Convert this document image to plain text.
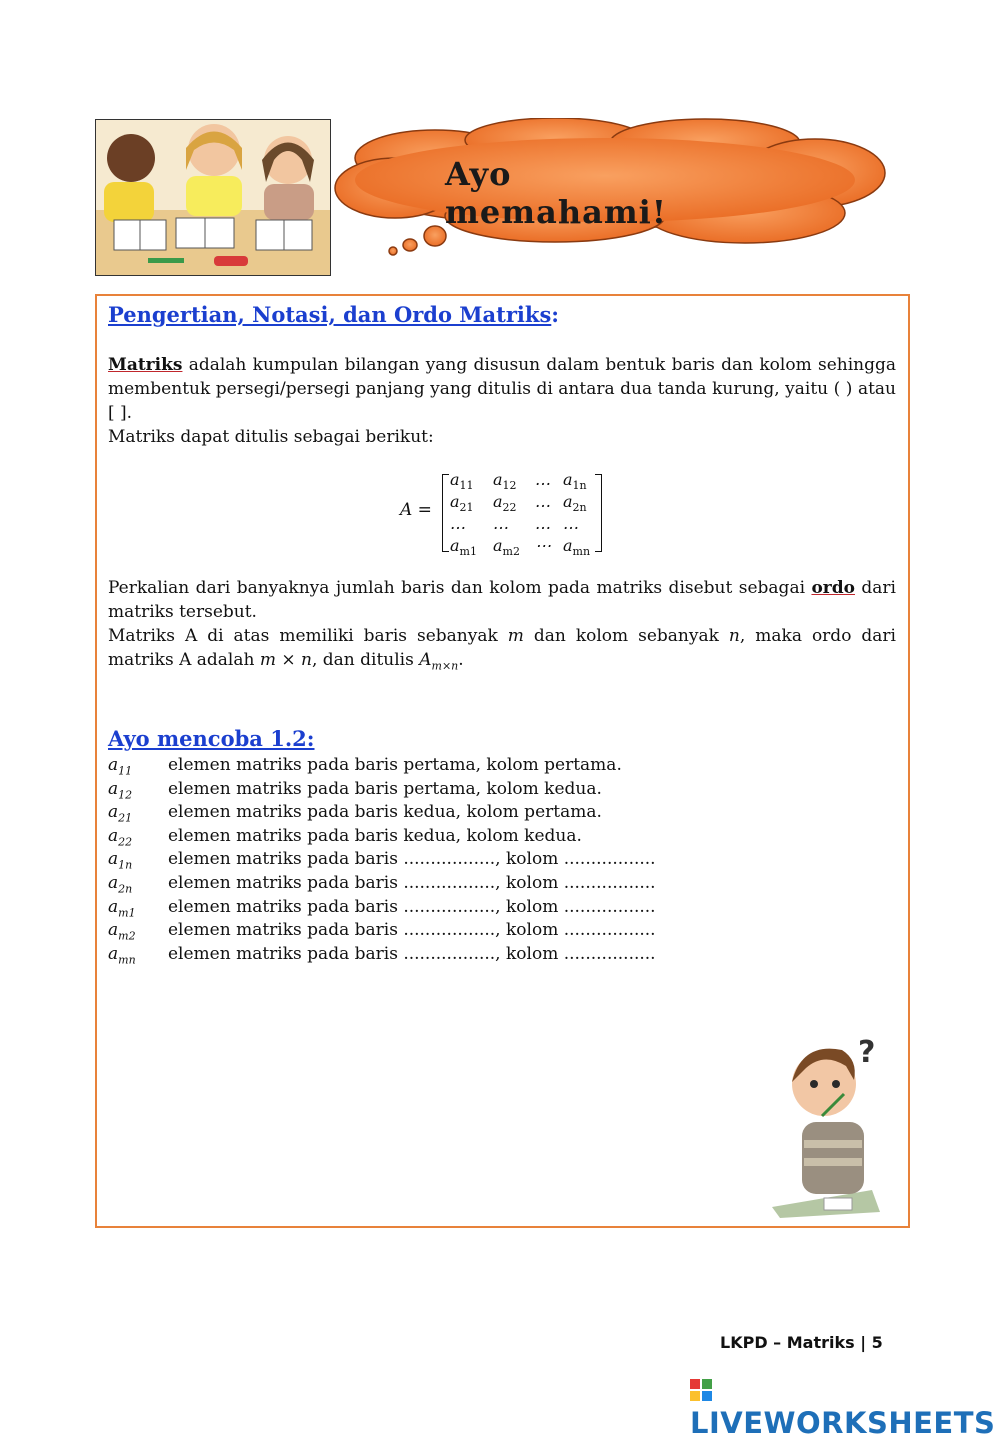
Ayo memahami!
Pengertian, Notasi, dan Ordo Matriks:
Matriks adalah kumpulan bilangan yang disusun dalam bentuk baris dan kolom sehingga membentuk persegi/persegi panjang yang ditulis di antara dua tanda kurung, yaitu ( ) atau [ ].
Matriks dapat ditulis sebagai berikut:
A =
$a_{11}$ $a_{12}$ … $a_{1n}$
$a_{21}$ $a_{22}$ … $a_{2n}$
… … … …
$a_{m1}$ $a_{m2}$ ⋯ $a_{mn}$
Perkalian dari banyaknya jumlah baris dan kolom pada matriks disebut sebagai ordo dari matriks tersebut.
Matriks A di atas memiliki baris sebanyak m dan kolom sebanyak n, maka ordo dari matriks A adalah m × n, dan ditulis $A_{m\times n}$.
Ayo mencoba 1.2:
$a_{11}$	elemen matriks pada baris pertama, kolom pertama.
$a_{12}$	elemen matriks pada baris pertama, kolom kedua.
$a_{21}$	elemen matriks pada baris kedua, kolom pertama.
$a_{22}$	elemen matriks pada baris kedua, kolom kedua.
$a_{1n}$	elemen matriks pada baris ................., kolom .................
$a_{2n}$	elemen matriks pada baris ................., kolom .................
$a_{m1}$	elemen matriks pada baris ................., kolom .................
$a_{m2}$	elemen matriks pada baris ................., kolom .................
$a_{mn}$	elemen matriks pada baris ................., kolom .................
?
LKPD – Matriks | 5
LIVEWORKSHEETS
